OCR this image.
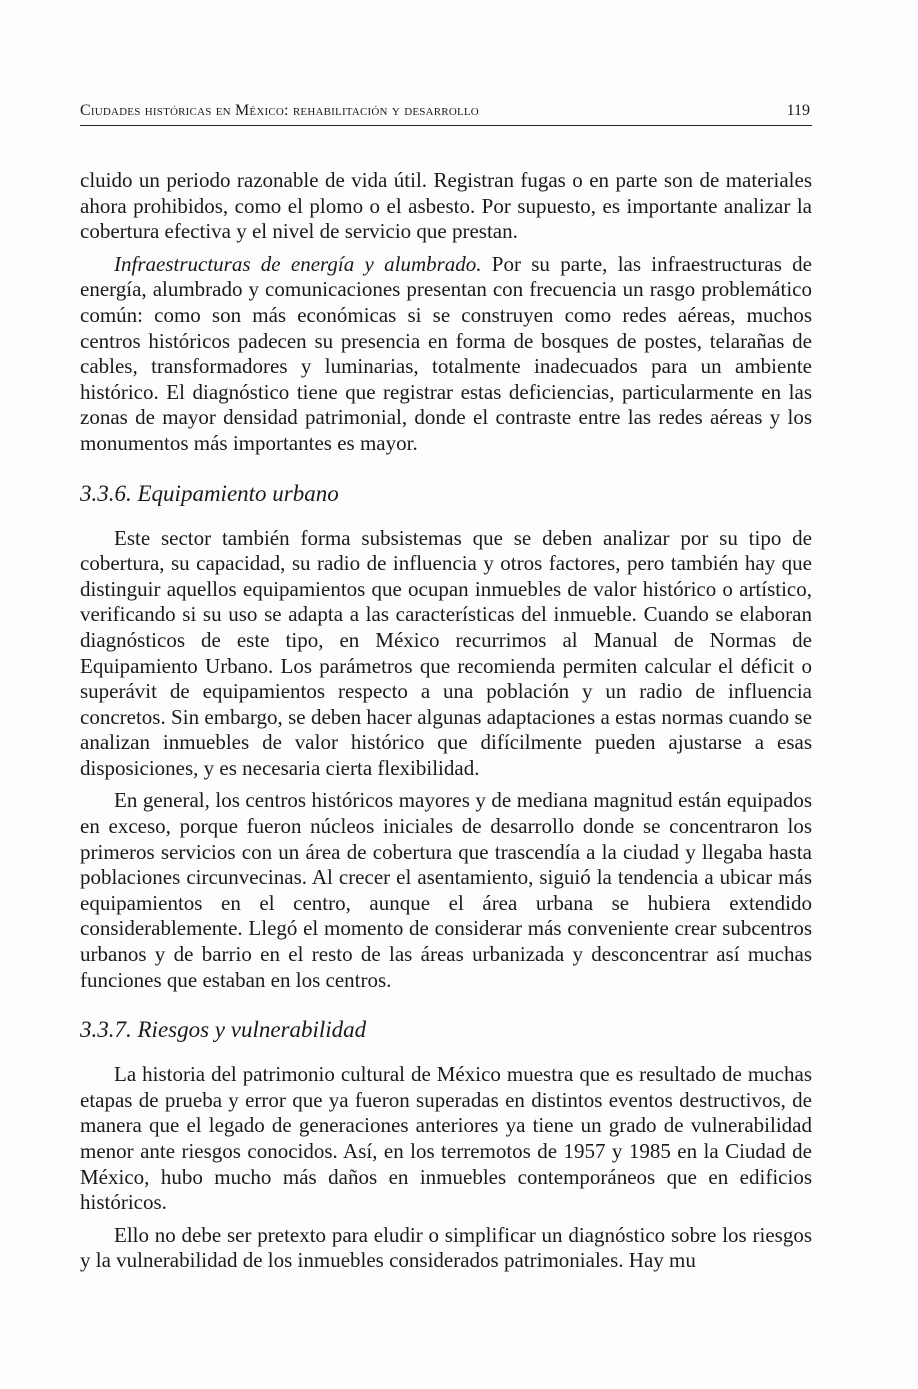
Ciudades históricas en México: rehabilitación y desarrollo	119

cluido un periodo razonable de vida útil. Registran fugas o en parte son de materiales ahora prohibidos, como el plomo o el asbesto. Por supuesto, es importante analizar la cobertura efectiva y el nivel de servicio que prestan.

Infraestructuras de energía y alumbrado. Por su parte, las infraestructuras de energía, alumbrado y comunicaciones presentan con frecuencia un rasgo problemático común: como son más económicas si se construyen como redes aéreas, muchos centros históricos padecen su presencia en forma de bosques de postes, telarañas de cables, transformadores y luminarias, totalmente inadecuados para un ambiente histórico. El diagnóstico tiene que registrar estas deficiencias, particularmente en las zonas de mayor densidad patrimonial, donde el contraste entre las redes aéreas y los monumentos más importantes es mayor.

3.3.6. Equipamiento urbano

Este sector también forma subsistemas que se deben analizar por su tipo de cobertura, su capacidad, su radio de influencia y otros factores, pero también hay que distinguir aquellos equipamientos que ocupan inmuebles de valor histórico o artístico, verificando si su uso se adapta a las características del inmueble. Cuando se elaboran diagnósticos de este tipo, en México recurrimos al Manual de Normas de Equipamiento Urbano. Los parámetros que recomienda permiten calcular el déficit o superávit de equipamientos respecto a una población y un radio de influencia concretos. Sin embargo, se deben hacer algunas adaptaciones a estas normas cuando se analizan inmuebles de valor histórico que difícilmente pueden ajustarse a esas disposiciones, y es necesaria cierta flexibilidad.

En general, los centros históricos mayores y de mediana magnitud están equipados en exceso, porque fueron núcleos iniciales de desarrollo donde se concentraron los primeros servicios con un área de cobertura que trascendía a la ciudad y llegaba hasta poblaciones circunvecinas. Al crecer el asentamiento, siguió la tendencia a ubicar más equipamientos en el centro, aunque el área urbana se hubiera extendido considerablemente. Llegó el momento de considerar más conveniente crear subcentros urbanos y de barrio en el resto de las áreas urbanizada y desconcentrar así muchas funciones que estaban en los centros.

3.3.7. Riesgos y vulnerabilidad

La historia del patrimonio cultural de México muestra que es resultado de muchas etapas de prueba y error que ya fueron superadas en distintos eventos destructivos, de manera que el legado de generaciones anteriores ya tiene un grado de vulnerabilidad menor ante riesgos conocidos. Así, en los terremotos de 1957 y 1985 en la Ciudad de México, hubo mucho más daños en inmuebles contemporáneos que en edificios históricos.

Ello no debe ser pretexto para eludir o simplificar un diagnóstico sobre los riesgos y la vulnerabilidad de los inmuebles considerados patrimoniales. Hay mu
